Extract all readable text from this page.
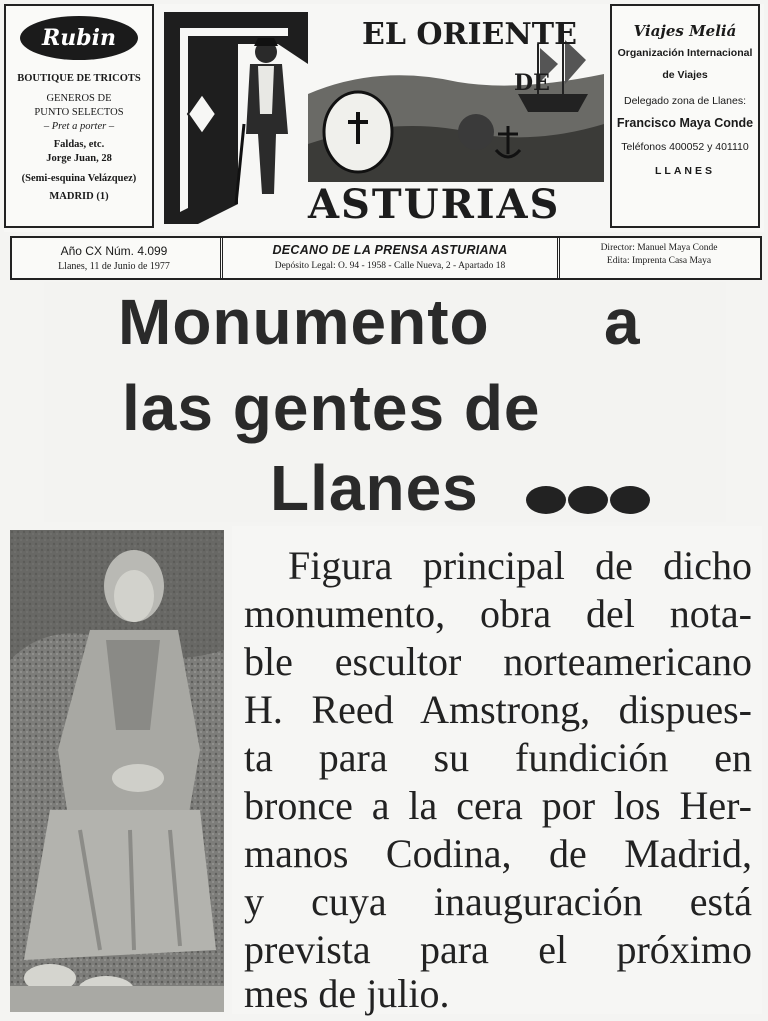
Rubin

BOUTIQUE DE TRICOTS

GENEROS DE

PUNTO SELECTOS

– Pret a porter –

Faldas, etc.

Jorge Juan, 28

(Semi-esquina Velázquez)

MADRID (1)

EL ORIENTE
DE
ASTURIAS

Viajes Meliá

Organización Internacional

de Viajes

Delegado zona de Llanes:

Francisco Maya Conde

Teléfonos 400052 y 401110

LLANES

Año CX Núm. 4.099

Llanes, 11 de Junio de 1977

DECANO DE LA PRENSA ASTURIANA

Depósito Legal: O. 94 - 1958 - Calle Nueva, 2 - Apartado 18

Director: Manuel Maya Conde

Edita: Imprenta Casa Maya

Monumento a
las gentes de
Llanes
Figura principal de dicho
monumento, obra del nota-
ble escultor norteamericano
H. Reed Amstrong, dispues-
ta para su fundición en
bronce a la cera por los Her-
manos Codina, de Madrid,
y cuya inauguración está
prevista para el próximo
mes de julio.
